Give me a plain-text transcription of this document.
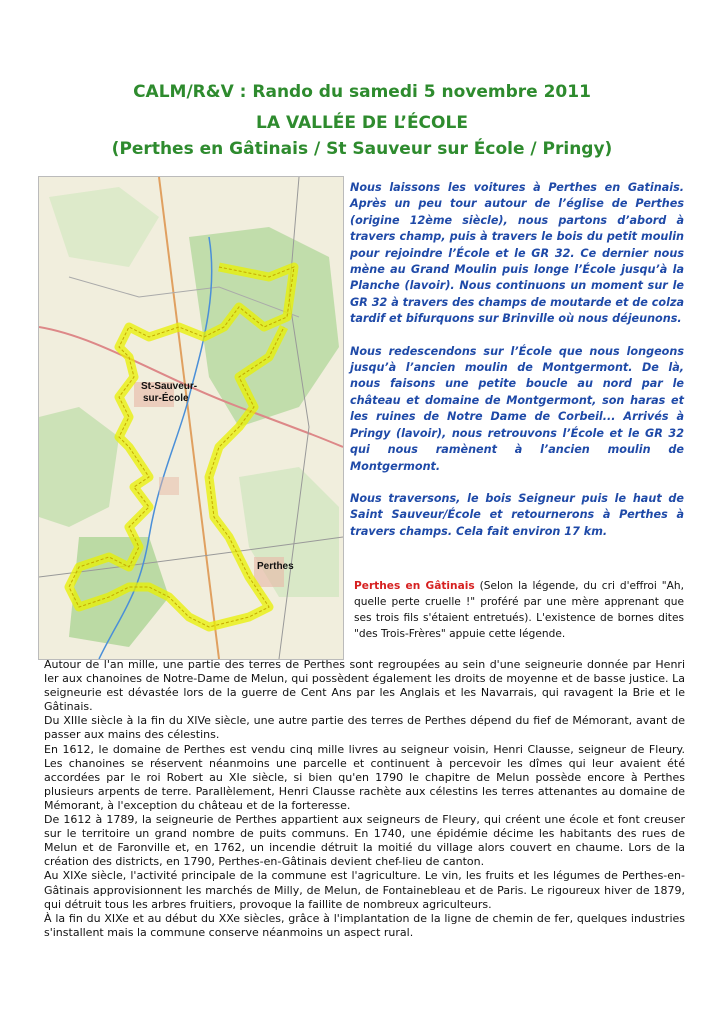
CALM/R&V : Rando du samedi 5 novembre 2011
LA VALLÉE DE L’ÉCOLE
(Perthes en Gâtinais / St Sauveur sur École / Pringy)
St-Sauveur-
sur-École
Perthes

Nous laissons les voitures à Perthes en Gatinais. Après un peu tour autour de l’église de Perthes (origine 12ème siècle), nous partons d’abord à travers champ, puis à travers le bois du petit moulin pour rejoindre l’École et le GR 32. Ce dernier nous mène au Grand Moulin puis longe l’École jusqu’à la Planche (lavoir). Nous continuons un moment sur le GR 32 à travers des champs de moutarde et de colza tardif et bifurquons sur Brinville où nous déjeunons.

Nous redescendons sur l’École que nous longeons jusqu’à l’ancien moulin de Montgermont. De là, nous faisons une petite boucle au nord par le château et domaine de Montgermont, son haras et les ruines de Notre Dame de Corbeil... Arrivés à Pringy (lavoir), nous retrouvons l’École et le GR 32 qui nous ramènent à l’ancien moulin de Montgermont.

Nous traversons, le bois Seigneur puis le haut de Saint Sauveur/École et retournerons à Perthes à travers champs. Cela fait environ 17 km.

Perthes en Gâtinais (Selon la légende, du cri d'effroi "Ah, quelle perte cruelle !" proféré par une mère apprenant que ses trois fils s'étaient entretués). L'existence de bornes dites "des Trois-Frères" appuie cette légende.

Autour de l'an mille, une partie des terres de Perthes sont regroupées au sein d'une seigneurie donnée par Henri Ier aux chanoines de Notre-Dame de Melun, qui possèdent également les droits de moyenne et de basse justice. La seigneurie est dévastée lors de la guerre de Cent Ans par les Anglais et les Navarrais, qui ravagent la Brie et le Gâtinais.

Du XIIIe siècle à la fin du XIVe siècle, une autre partie des terres de Perthes dépend du fief de Mémorant, avant de passer aux mains des célestins.

En 1612, le domaine de Perthes est vendu cinq mille livres au seigneur voisin, Henri Clausse, seigneur de Fleury. Les chanoines se réservent néanmoins une parcelle et continuent à percevoir les dîmes qui leur avaient été accordées par le roi Robert au XIe siècle, si bien qu'en 1790 le chapitre de Melun possède encore à Perthes plusieurs arpents de terre. Parallèlement, Henri Clausse rachète aux célestins les terres attenantes au domaine de Mémorant, à l'exception du château et de la forteresse.

De 1612 à 1789, la seigneurie de Perthes appartient aux seigneurs de Fleury, qui créent une école et font creuser sur le territoire un grand nombre de puits communs. En 1740, une épidémie décime les habitants des rues de Melun et de Faronville et, en 1762, un incendie détruit la moitié du village alors couvert en chaume. Lors de la création des districts, en 1790, Perthes-en-Gâtinais devient chef-lieu de canton.

Au XIXe siècle, l'activité principale de la commune est l'agriculture. Le vin, les fruits et les légumes de Perthes-en-Gâtinais approvisionnent les marchés de Milly, de Melun, de Fontainebleau et de Paris. Le rigoureux hiver de 1879, qui détruit tous les arbres fruitiers, provoque la faillite de nombreux agriculteurs.

À la fin du XIXe et au début du XXe siècles, grâce à l'implantation de la ligne de chemin de fer, quelques industries s'installent mais la commune conserve néanmoins un aspect rural.
